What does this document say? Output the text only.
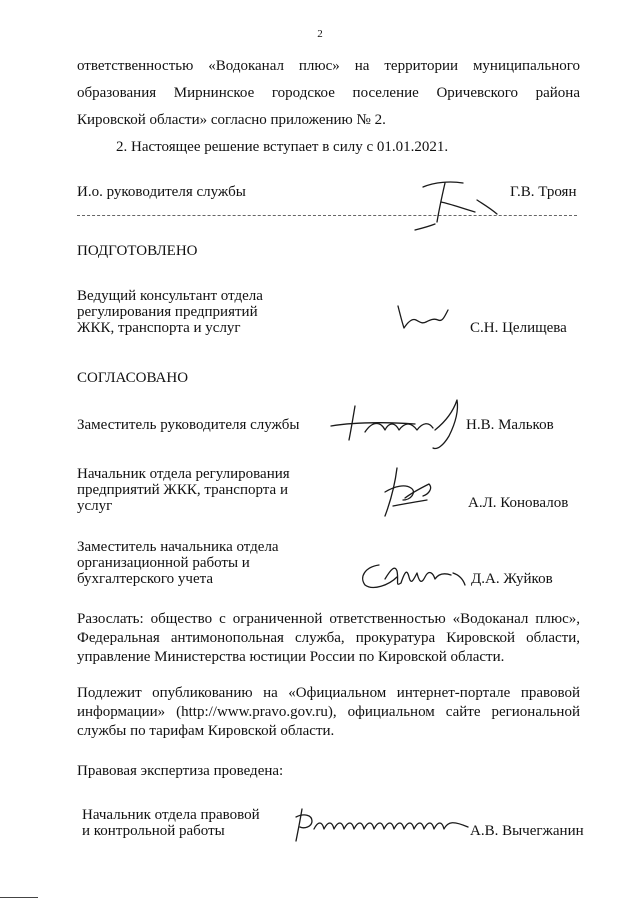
2
ответственностью «Водоканал плюс» на территории муниципального
образования Мирнинское городское поселение Оричевского района
Кировской области» согласно приложению № 2.
2. Настоящее решение вступает в силу с 01.01.2021.
И.о. руководителя службы	Г.В. Троян
ПОДГОТОВЛЕНО
Ведущий консультант отдела
регулирования предприятий
ЖКК, транспорта и услуг	С.Н. Целищева
СОГЛАСОВАНО
Заместитель руководителя службы	Н.В. Мальков
Начальник отдела регулирования
предприятий ЖКК, транспорта и
услуг	А.Л. Коновалов
Заместитель начальника отдела
организационной работы и
бухгалтерского учета	Д.А. Жуйков
Разослать: общество с ограниченной ответственностью «Водоканал плюс»,
Федеральная антимонопольная служба, прокуратура Кировской области,
управление Министерства юстиции России по Кировской области.
Подлежит опубликованию на «Официальном интернет-портале правовой
информации» (http://www.pravo.gov.ru), официальном сайте региональной
службы по тарифам Кировской области.
Правовая экспертиза проведена:
Начальник отдела правовой
и контрольной работы	А.В. Вычегжанин
